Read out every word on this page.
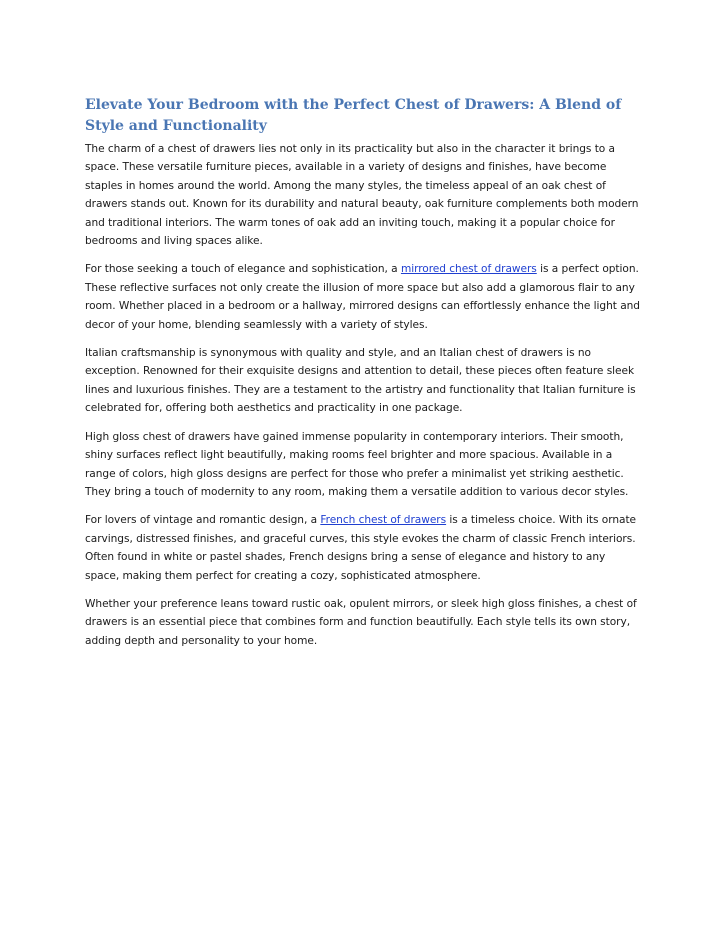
Elevate Your Bedroom with the Perfect Chest of Drawers: A Blend of Style and Functionality

The charm of a chest of drawers lies not only in its practicality but also in the character it brings to a space. These versatile furniture pieces, available in a variety of designs and finishes, have become staples in homes around the world. Among the many styles, the timeless appeal of an oak chest of drawers stands out. Known for its durability and natural beauty, oak furniture complements both modern and traditional interiors. The warm tones of oak add an inviting touch, making it a popular choice for bedrooms and living spaces alike.

For those seeking a touch of elegance and sophistication, a mirrored chest of drawers is a perfect option. These reflective surfaces not only create the illusion of more space but also add a glamorous flair to any room. Whether placed in a bedroom or a hallway, mirrored designs can effortlessly enhance the light and decor of your home, blending seamlessly with a variety of styles.

Italian craftsmanship is synonymous with quality and style, and an Italian chest of drawers is no exception. Renowned for their exquisite designs and attention to detail, these pieces often feature sleek lines and luxurious finishes. They are a testament to the artistry and functionality that Italian furniture is celebrated for, offering both aesthetics and practicality in one package.

High gloss chest of drawers have gained immense popularity in contemporary interiors. Their smooth, shiny surfaces reflect light beautifully, making rooms feel brighter and more spacious. Available in a range of colors, high gloss designs are perfect for those who prefer a minimalist yet striking aesthetic. They bring a touch of modernity to any room, making them a versatile addition to various decor styles.

For lovers of vintage and romantic design, a French chest of drawers is a timeless choice. With its ornate carvings, distressed finishes, and graceful curves, this style evokes the charm of classic French interiors. Often found in white or pastel shades, French designs bring a sense of elegance and history to any space, making them perfect for creating a cozy, sophisticated atmosphere.

Whether your preference leans toward rustic oak, opulent mirrors, or sleek high gloss finishes, a chest of drawers is an essential piece that combines form and function beautifully. Each style tells its own story, adding depth and personality to your home.
